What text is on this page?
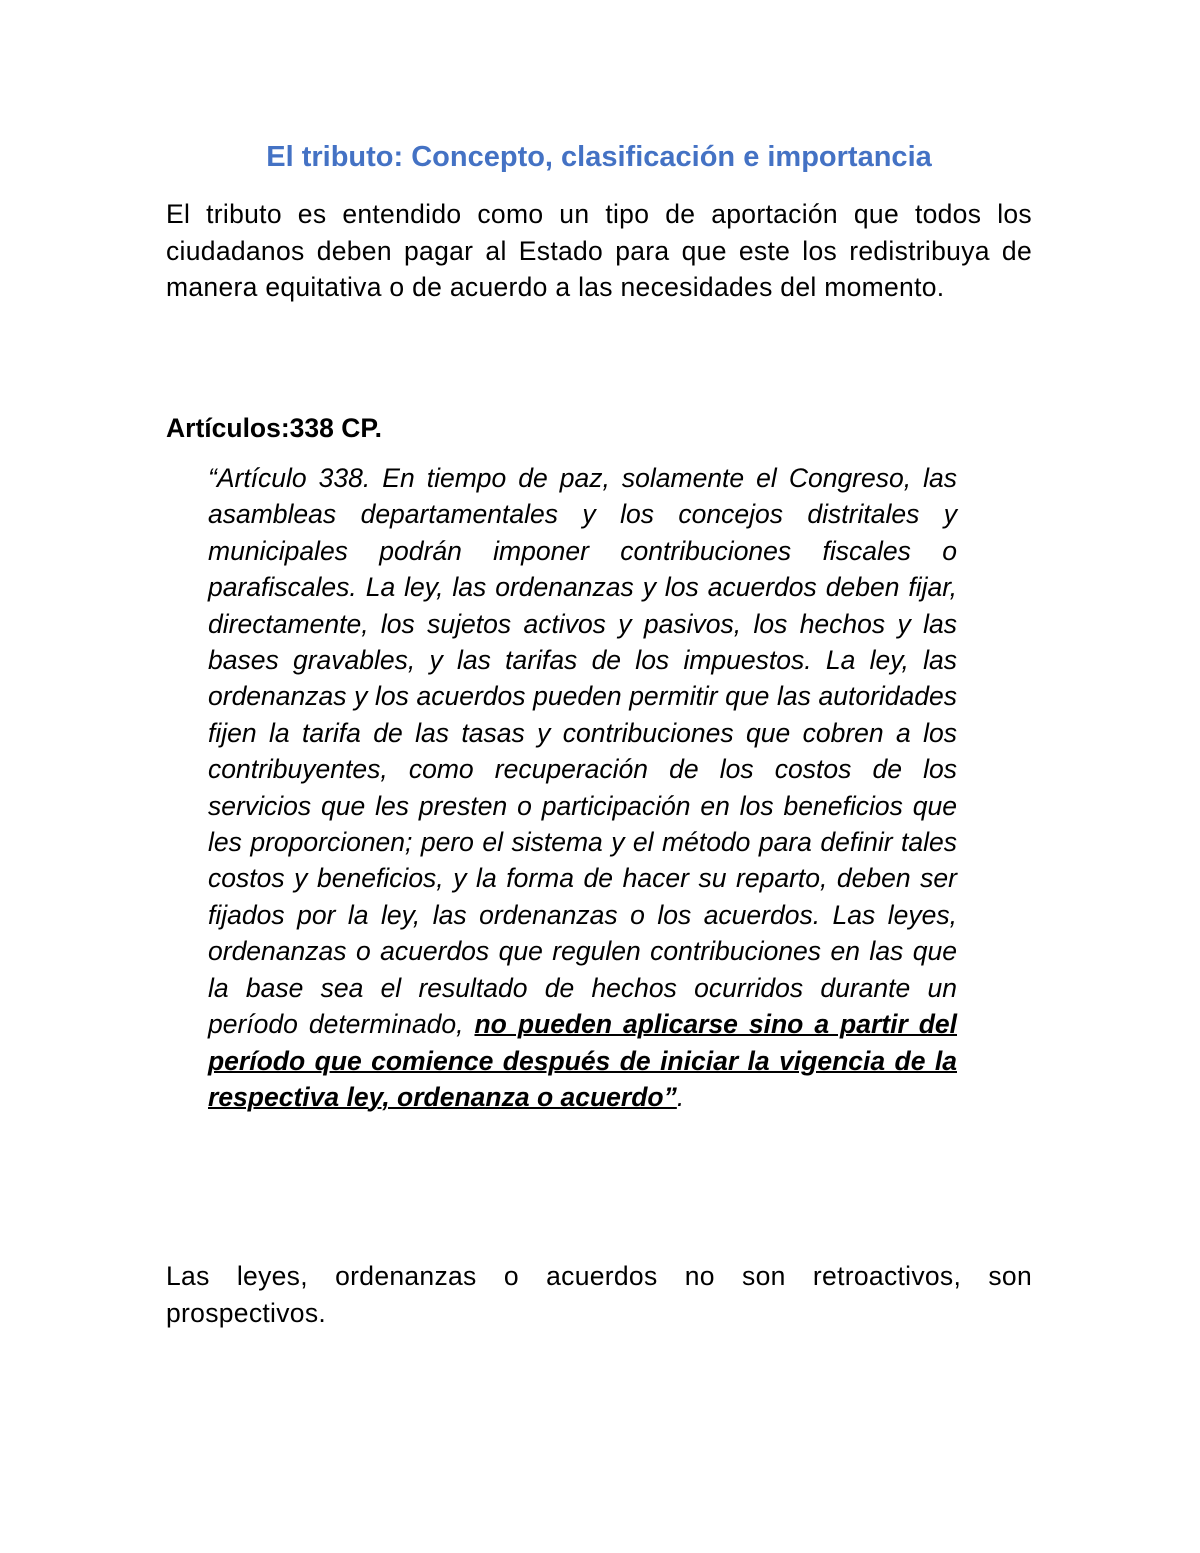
El tributo: Concepto, clasificación e importancia

El tributo es entendido como un tipo de aportación que todos los ciudadanos deben pagar al Estado para que este los redistribuya de manera equitativa o de acuerdo a las necesidades del momento.

Artículos:338 CP.

“Artículo 338. En tiempo de paz, solamente el Congreso, las asambleas departamentales y los concejos distritales y municipales podrán imponer contribuciones fiscales o parafiscales. La ley, las ordenanzas y los acuerdos deben fijar, directamente, los sujetos activos y pasivos, los hechos y las bases gravables, y las tarifas de los impuestos. La ley, las ordenanzas y los acuerdos pueden permitir que las autoridades fijen la tarifa de las tasas y contribuciones que cobren a los contribuyentes, como recuperación de los costos de los servicios que les presten o participación en los beneficios que les proporcionen; pero el sistema y el método para definir tales costos y beneficios, y la forma de hacer su reparto, deben ser fijados por la ley, las ordenanzas o los acuerdos. Las leyes, ordenanzas o acuerdos que regulen contribuciones en las que la base sea el resultado de hechos ocurridos durante un período determinado, no pueden aplicarse sino a partir del período que comience después de iniciar la vigencia de la respectiva ley, ordenanza o acuerdo”.

Las leyes, ordenanzas o acuerdos no son retroactivos, son prospectivos.
